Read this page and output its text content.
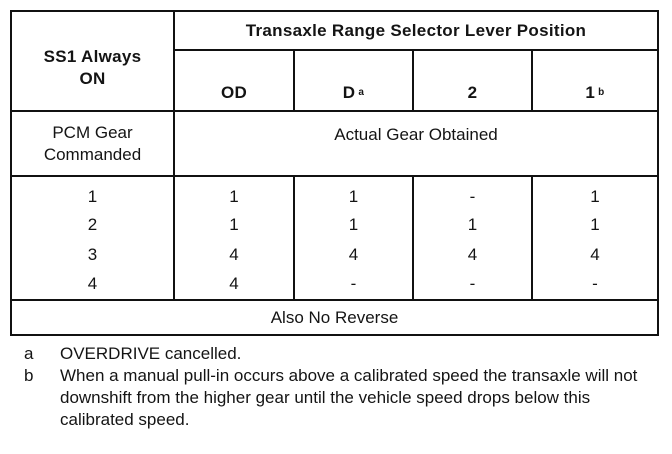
Transaxle Range Selector Lever Position
SS1 Always ON
OD	D a	2	1 b
PCM Gear Commanded
Actual Gear Obtained
1	1	1	-	1
2	1	1	1	1
3	4	4	4	4
4	4	-	-	-
Also No Reverse
a	OVERDRIVE cancelled.
b	When a manual pull-in occurs above a calibrated speed the transaxle will not downshift from the higher gear until the vehicle speed drops below this calibrated speed.
